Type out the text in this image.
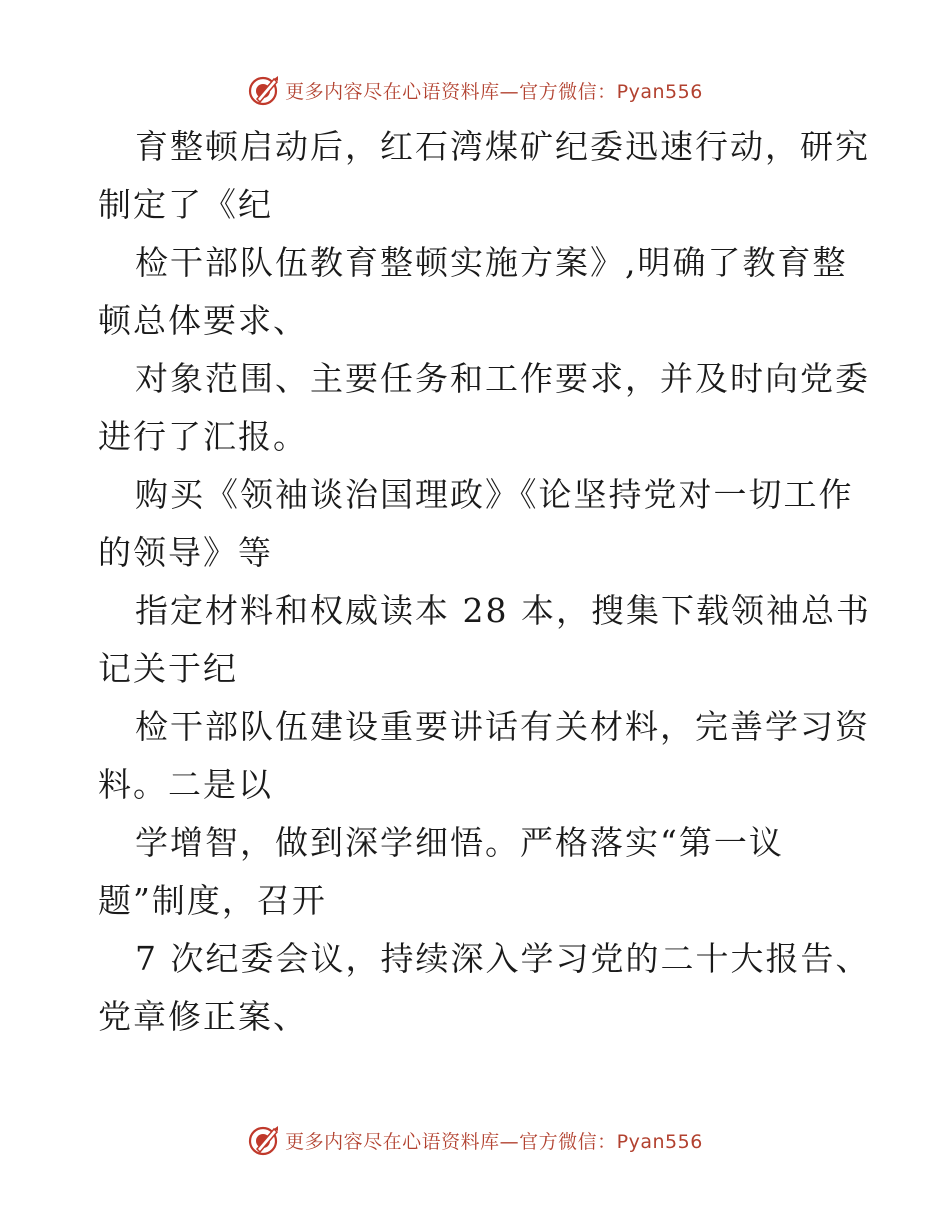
更多内容尽在心语资料库—官方微信：Pyan556
育整顿启动后，红石湾煤矿纪委迅速行动，研究
制定了《纪
检干部队伍教育整顿实施方案》,明确了教育整
顿总体要求、
对象范围、主要任务和工作要求，并及时向党委
进行了汇报。
购买《领袖谈治国理政》《论坚持党对一切工作
的领导》等
指定材料和权威读本 28 本，搜集下载领袖总书
记关于纪
检干部队伍建设重要讲话有关材料，完善学习资
料。二是以
学增智，做到深学细悟。严格落实“第一议
题”制度，召开
7 次纪委会议，持续深入学习党的二十大报告、
党章修正案、
更多内容尽在心语资料库—官方微信：Pyan556
